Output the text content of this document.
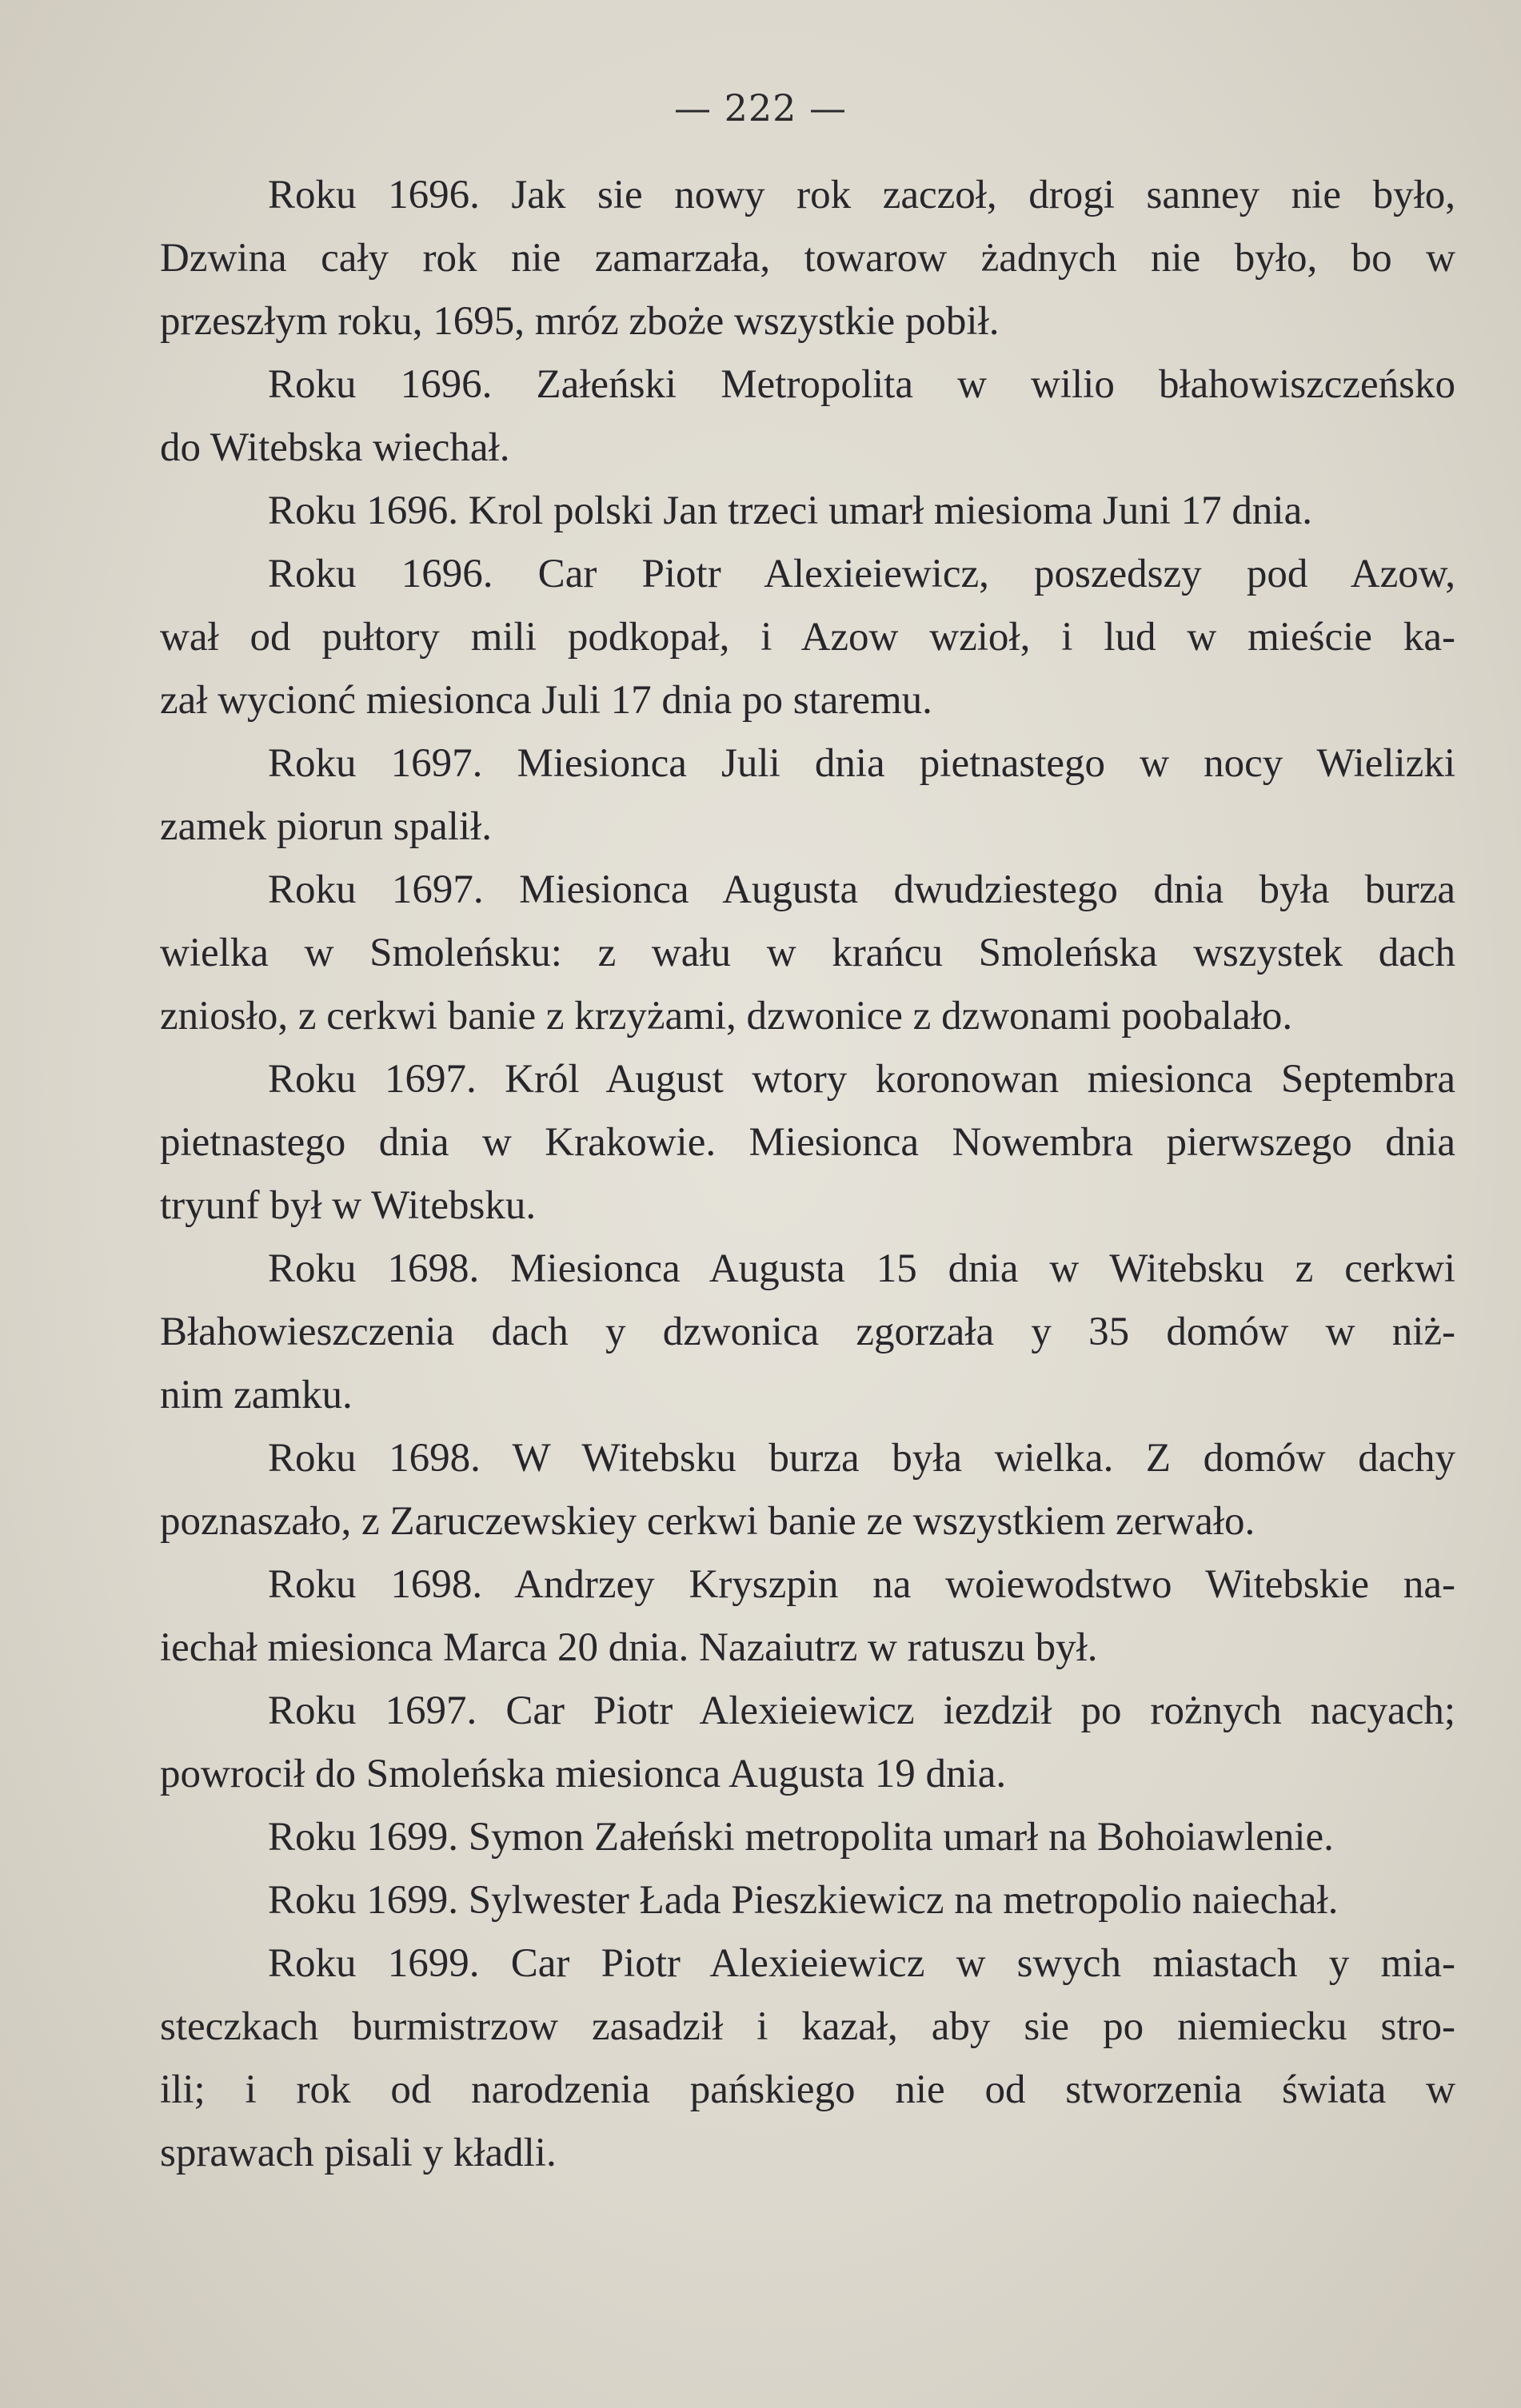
— 222 —
Roku 1696. Jak sie nowy rok zaczoł, drogi sanney nie było,
Dzwina cały rok nie zamarzała, towarow żadnych nie było, bo w
przeszłym roku, 1695, mróz zboże wszystkie pobił.
Roku 1696. Załeński Metropolita w wilio błahowiszczeńsko
do Witebska wiechał.
Roku 1696. Krol polski Jan trzeci umarł miesioma Juni 17 dnia.
Roku 1696. Car Piotr Alexieiewicz, poszedszy pod Azow,
wał od pułtory mili podkopał, i Azow wzioł, i lud w mieście ka-
zał wycionć miesionca Juli 17 dnia po staremu.
Roku 1697. Miesionca Juli dnia pietnastego w nocy Wielizki
zamek piorun spalił.
Roku 1697. Miesionca Augusta dwudziestego dnia była burza
wielka w Smoleńsku: z wału w krańcu Smoleńska wszystek dach
zniosło, z cerkwi banie z krzyżami, dzwonice z dzwonami poobalało.
Roku 1697. Król August wtory koronowan miesionca Septembra
pietnastego dnia w Krakowie. Miesionca Nowembra pierwszego dnia
tryunf był w Witebsku.
Roku 1698. Miesionca Augusta 15 dnia w Witebsku z cerkwi
Błahowieszczenia dach y dzwonica zgorzała y 35 domów w niż-
nim zamku.
Roku 1698. W Witebsku burza była wielka. Z domów dachy
poznaszało, z Zaruczewskiey cerkwi banie ze wszystkiem zerwało.
Roku 1698. Andrzey Kryszpin na woiewodstwo Witebskie na-
iechał miesionca Marca 20 dnia. Nazaiutrz w ratuszu był.
Roku 1697. Car Piotr Alexieiewicz iezdził po rożnych nacyach;
powrocił do Smoleńska miesionca Augusta 19 dnia.
Roku 1699. Symon Załeński metropolita umarł na Bohoiawlenie.
Roku 1699. Sylwester Łada Pieszkiewicz na metropolio naiechał.
Roku 1699. Car Piotr Alexieiewicz w swych miastach y mia-
steczkach burmistrzow zasadził i kazał, aby sie po niemiecku stro-
ili; i rok od narodzenia pańskiego nie od stworzenia świata w
sprawach pisali y kładli.
